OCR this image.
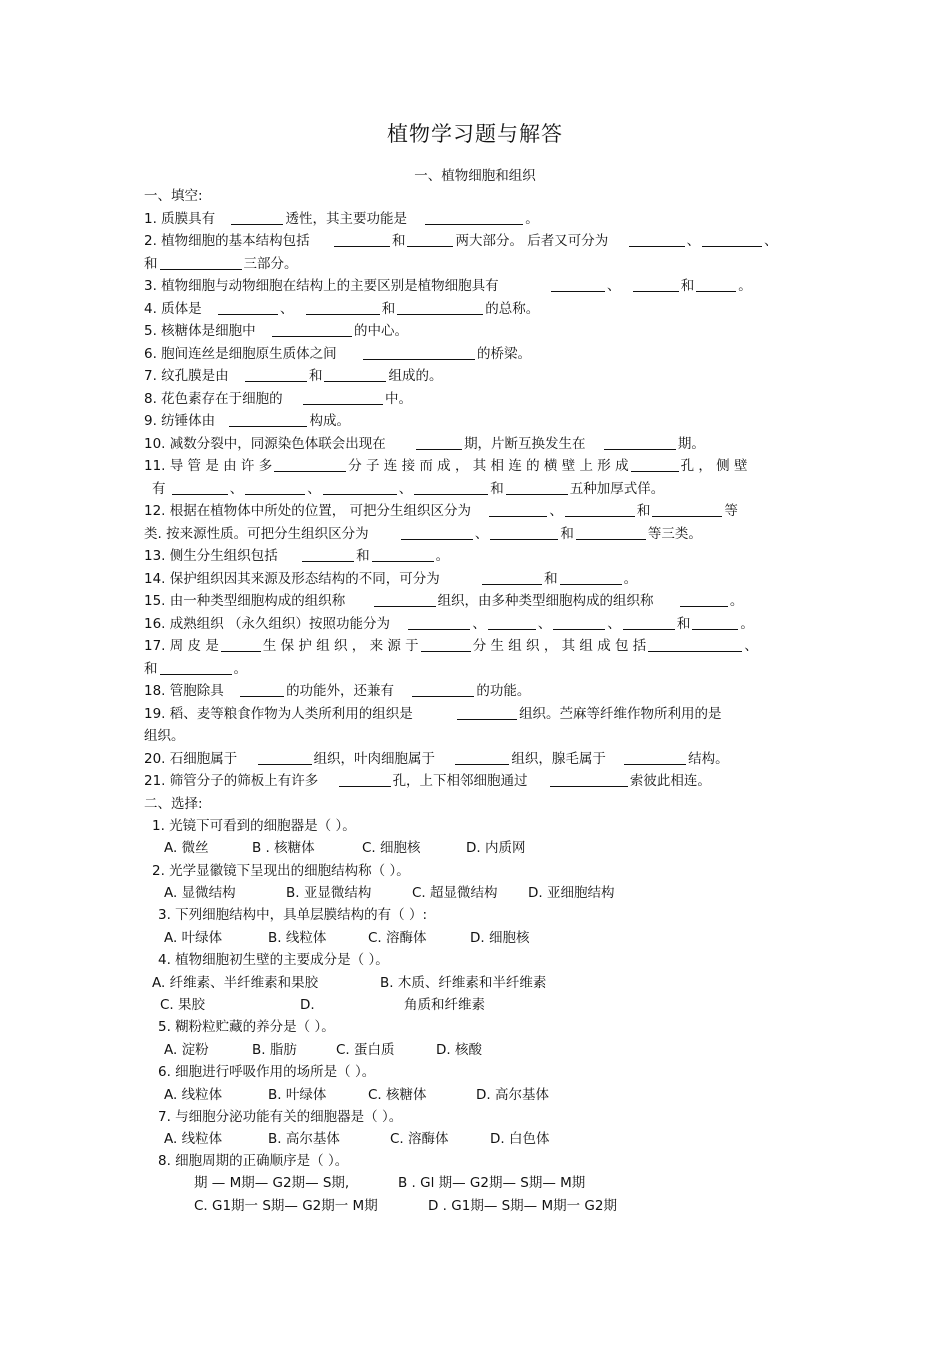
植物学习题与解答
一、植物细胞和组织
一、填空:
1. 质膜具有	透性，其主要功能是	。
2. 植物细胞的基本结构包括	和	两大部分。 后者又可分为	、	、
和	三部分。
3. 植物细胞与动物细胞在结构上的主要区别是植物细胞具有	、	和	。
4. 质体是	、	和	的总称。
5. 核糖体是细胞中	的中心。
6. 胞间连丝是细胞原生质体之间	的桥梁。
7. 纹孔膜是由	和	组成的。
8. 花色素存在于细胞的	中。
9. 纺锤体由	构成。
10. 减数分裂中，同源染色体联会出现在	期，片断互换发生在	期。
11. 导 管 是 由 许 多	分 子 连 接 而 成 ， 其 相 连 的 横 壁 上 形 成	孔 ， 侧 壁
有	、	、	、	和	五种加厚式佯。
12. 根据在植物体中所处的位置， 可把分生组织区分为	、	和	等
类. 按来源性质。可把分生组织区分为	、	和	等三类。
13. 侧生分生组织包括	和	。
14. 保护组织因其来源及形态结构的不同，可分为	和	。
15. 由一种类型细胞构成的组织称	组织，由多种类型细胞构成的组织称	。
16. 成熟组织 （永久组织）按照功能分为	、	、	、	和	。
17. 周 皮 是	生 保 护 组 织 ， 来 源 于	分 生 组 织 ， 其 组 成 包 括	、
和	。
18. 管胞除具	的功能外，还兼有	的功能。
19. 稻、麦等粮食作物为人类所利用的组织是	组织。苎麻等纤维作物所利用的是
组织。
20. 石细胞属于	组织，叶肉细胞属于	组织，腺毛属于	结构。
21. 筛管分子的筛板上有许多	孔，上下相邻细胞通过	索彼此相连。
二、选择:
1. 光镜下可看到的细胞器是（ ）。
A. 微丝	B . 核糖体	C. 细胞核	D. 内质网
2. 光学显徽镜下呈现出的细胞结构称（ ）。
A. 显微结构	B. 亚显微结构	C. 超显微结构 D. 亚细胞结构
3. 下列细胞结构中，具单层膜结构的有（ ）:
A. 叶绿体	B. 线粒体	C. 溶酶体	D. 细胞核
4. 植物细胞初生壁的主要成分是（ ）。
A. 纤维素、半纤维素和果胶	B. 木质、纤维素和半纤维素
C. 果胶	D.	角质和纤维素
5. 糊粉粒贮藏的养分是（ ）。
A. 淀粉	B. 脂肪	C. 蛋白质	D. 核酸
6. 细胞进行呼吸作用的场所是（ ）。
A. 线粒体	B. 叶绿体	C. 核糖体	D. 高尔基体
7. 与细胞分泌功能有关的细胞器是（ ）。
A. 线粒体	B. 高尔基体	C. 溶酶体	D. 白色体
8. 细胞周期的正确顺序是（ ）。
期 — M期— G2期— S期,	B . Gl 期— G2期— S期— M期
C. G1期一 S期— G2期一 M期	D . G1期— S期— M期一 G2期
